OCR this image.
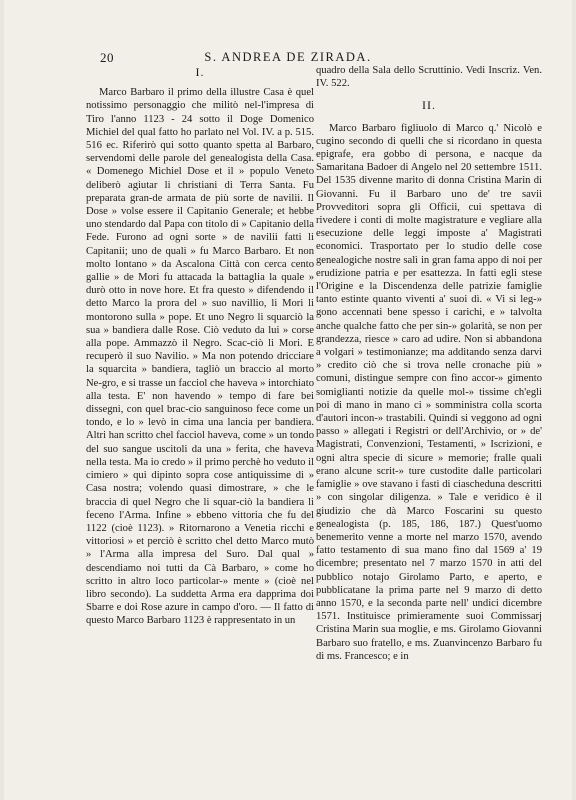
20	S. ANDREA DE ZIRADA.
I.

Marco Barbaro il primo della illustre Casa è quel notissimo personaggio che militò nel-l'impresa di Tiro l'anno 1123 - 24 sotto il Doge Domenico Michiel del qual fatto ho parlato nel Vol. IV. a p. 515. 516 ec. Riferirò qui sotto quanto spetta al Barbaro, servendomi delle parole del genealogista della Casa. « Domenego Michiel Dose et il » populo Veneto deliberò agiutar li christiani di Terra Santa. Fu preparata gran-de armata de più sorte de navilii. Il Dose » volse essere il Capitanio Generale; et hebbe uno stendardo dal Papa con titolo di » Capitanio della Fede. Furono ad ogni sorte » de navilii fatti li Capitanii; uno de quali » fu Marco Barbaro. Et non molto lontano » da Ascalona Città con cerca cento gallie » de Mori fu attacada la battaglia la quale » durò otto in nove hore. Et fra questo » difendendo il detto Marco la prora del » suo navillio, li Mori li montorono sulla » pope. Et uno Negro li squarciò la sua » bandiera dalle Rose. Ciò veduto da lui » corse alla pope. Ammazzò il Negro. Scac-ciò li Mori. E recuperò il suo Navilio. » Ma non potendo dricciare la squarcita » bandiera, tagliò un braccio al morto Ne-gro, e si trasse un facciol che haveva » intorchiato alla testa. E' non havendo » tempo di fare bei dissegni, con quel brac-cio sanguinoso fece come un tondo, e lo » levò in cima una lancia per bandiera. Altri han scritto chel facciol haveva, come » un tondo del suo sangue uscitoli da una » ferita, che haveva nella testa. Ma io credo » il primo perchè ho veduto il cimiero » qui dipinto sopra cose antiquissime di » Casa nostra; volendo quasi dimostrare, » che le braccia di quel Negro che li squar-ciò la bandiera li feceno l'Arma. Infine » ebbeno vittoria che fu del 1122 (cioè 1123). » Ritornarono a Venetia ricchi e vittoriosi » et perciò è scritto chel detto Marco mutò » l'Arma alla impresa del Suro. Dal qual » descendiamo noi tutti da Cà Barbaro, » come ho scritto in altro loco particolar-» mente » (cioè nel libro secondo). La suddetta Arma era dapprima doi Sbarre e doi Rose azure in campo d'oro. — Il fatto di questo Marco Barbaro 1123 è rappresentato in un

quadro della Sala dello Scruttinio. Vedi Inscriz. Ven. IV. 522.

II.

Marco Barbaro figliuolo di Marco q.' Nicolò e cugino secondo di quelli che si ricordano in questa epigrafe, era gobbo di persona, e nacque da Samaritana Badoer di Angelo nel 20 settembre 1511. Del 1535 divenne marito di donna Cristina Marin di Giovanni. Fu il Barbaro uno de' tre savii Provveditori sopra gli Officii, cui spettava di rivedere i conti di molte magistrature e vegliare alla esecuzione delle leggi imposte a' Magistrati economici. Trasportato per lo studio delle cose genealogiche nostre salì in gran fama appo di noi per erudizione patria e per esattezza. In fatti egli stese l'Origine e la Discendenza delle patrizie famiglie tanto estinte quanto viventi a' suoi dì. « Vi si leg-» gono accennati bene spesso i carichi, e » talvolta anche qualche fatto che per sin-» golarità, se non per grandezza, riesce » caro ad udire. Non si abbandona a volgari » testimonianze; ma additando senza darvi » credito ciò che si trova nelle cronache più » comuni, distingue sempre con fino accor-» gimento somiglianti notizie da quelle mol-» tissime ch'egli poi di mano in mano ci » somministra colla scorta d'autori incon-» trastabili. Quindi si veggono ad ogni passo » allegati i Registri or dell'Archivio, or » de' Magistrati, Convenzioni, Testamenti, » Iscrizioni, e ogni altra specie di sicure » memorie; fralle quali erano alcune scrit-» ture custodite dalle particolari famiglie » ove stavano i fasti di ciascheduna descritti » con singolar diligenza. » Tale e veridico è il giudizio che dà Marco Foscarini su questo genealogista (p. 185, 186, 187.) Quest'uomo benemerito venne a morte nel marzo 1570, avendo fatto testamento di sua mano fino dal 1569 a' 19 dicembre; presentato nel 7 marzo 1570 in atti del pubblico notajo Girolamo Parto, e aperto, e pubblicatane la prima parte nel 9 marzo di detto anno 1570, e la seconda parte nell' undici dicembre 1571. Instituisce primieramente suoi Commissarj Cristina Marin sua moglie, e ms. Girolamo Giovanni Barbaro suo fratello, e ms. Zuanvincenzo Barbaro fu di ms. Francesco; e in
